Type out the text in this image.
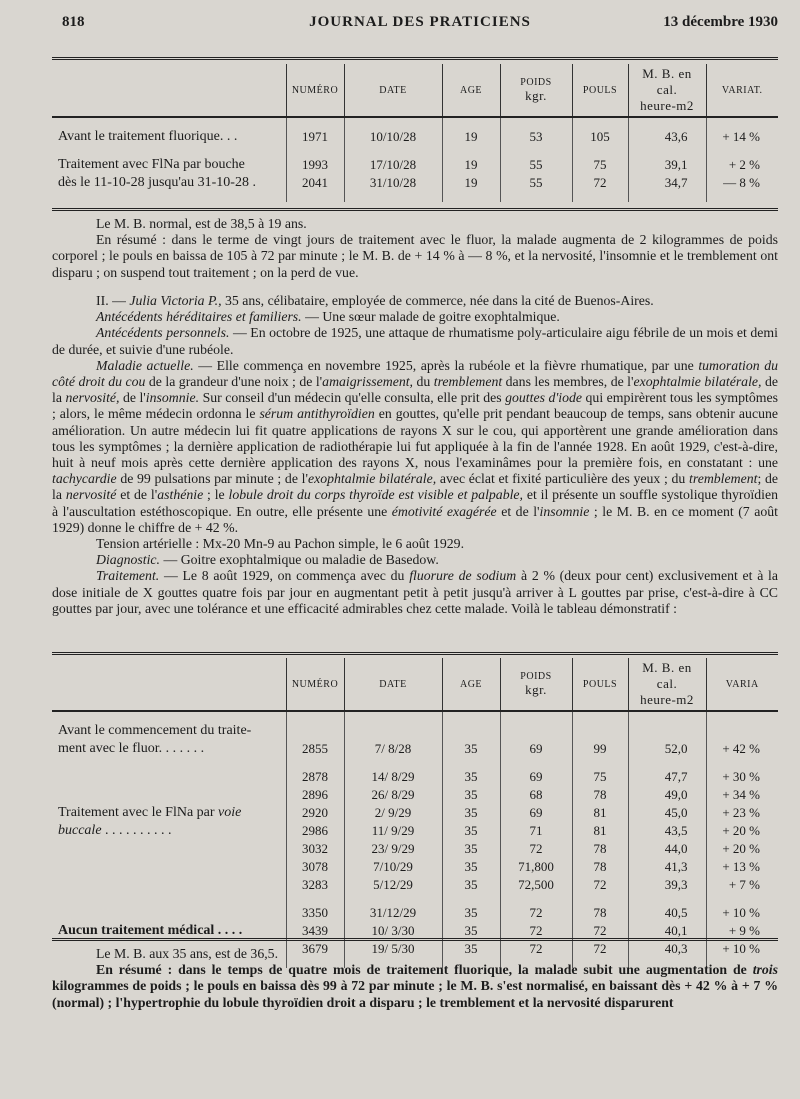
818	JOURNAL DES PRATICIENS	13 décembre 1930
	NUMÉRO	DATE	AGE	POIDS
kgr.	POULS	M. B. en cal.
heure-m2	VARIAT.

Avant le traitement fluorique. . .	1971	10/10/28	19	53	105	43,6	+ 14 %

Traitement avec FlNa par bouche	1993	17/10/28	19	55	75	39,1	+ 2 %
dès le 11-10-28 jusqu'au 31-10-28 .	2041	31/10/28	19	55	72	34,7	— 8 %

Le M. B. normal, est de 38,5 à 19 ans.

En résumé : dans le terme de vingt jours de traitement avec le fluor, la malade augmenta de 2 kilogrammes de poids corporel ; le pouls en baissa de 105 à 72 par minute ; le M. B. de + 14 % à — 8 %, et la nervosité, l'insomnie et le tremblement ont disparu ; on suspend tout traitement ; on la perd de vue.

II. — Julia Victoria P., 35 ans, célibataire, employée de commerce, née dans la cité de Buenos-Aires.

Antécédents héréditaires et familiers. — Une sœur malade de goitre exophtalmique.

Antécédents personnels. — En octobre de 1925, une attaque de rhumatisme poly-articulaire aigu fébrile de un mois et demi de durée, et suivie d'une rubéole.

Maladie actuelle. — Elle commença en novembre 1925, après la rubéole et la fièvre rhumatique, par une tumoration du côté droit du cou de la grandeur d'une noix ; de l'amaigrissement, du tremblement dans les membres, de l'exophtalmie bilatérale, de la nervosité, de l'insomnie. Sur conseil d'un médecin qu'elle consulta, elle prit des gouttes d'iode qui empirèrent tous les symptômes ; alors, le même médecin ordonna le sérum antithyroïdien en gouttes, qu'elle prit pendant beaucoup de temps, sans obtenir aucune amélioration. Un autre médecin lui fit quatre applications de rayons X sur le cou, qui apportèrent une grande amélioration dans tous les symptômes ; la dernière application de radiothérapie lui fut appliquée à la fin de l'année 1928. En août 1929, c'est-à-dire, huit à neuf mois après cette dernière application des rayons X, nous l'examinâmes pour la première fois, en constatant : une tachycardie de 99 pulsations par minute ; de l'exophtalmie bilatérale, avec éclat et fixité particulière des yeux ; du tremblement; de la nervosité et de l'asthénie ; le lobule droit du corps thyroïde est visible et palpable, et il présente un souffle systolique thyroïdien à l'auscultation estéthoscopique. En outre, elle présente une émotivité exagérée et de l'insomnie ; le M. B. en ce moment (7 août 1929) donne le chiffre de + 42 %.

Tension artérielle : Mx-20 Mn-9 au Pachon simple, le 6 août 1929.

Diagnostic. — Goitre exophtalmique ou maladie de Basedow.

Traitement. — Le 8 août 1929, on commença avec du fluorure de sodium à 2 % (deux pour cent) exclusivement et à la dose initiale de X gouttes quatre fois par jour en augmentant petit à petit jusqu'à arriver à L gouttes par prise, c'est-à-dire à CC gouttes par jour, avec une tolérance et une efficacité admirables chez cette malade. Voilà le tableau démonstratif :

	NUMÉRO	DATE	AGE	POIDS
kgr.	POULS	M. B. en cal.
heure-m2	VARIA

Avant le commencement du traite-							
ment avec le fluor. . . . . . .	2855	7/ 8/28	35	69	99	52,0	+ 42 %

	2878	14/ 8/29	35	69	75	47,7	+ 30 %
	2896	26/ 8/29	35	68	78	49,0	+ 34 %
Traitement avec le FlNa par voie	2920	2/ 9/29	35	69	81	45,0	+ 23 %
buccale . . . . . . . . . .	2986	11/ 9/29	35	71	81	43,5	+ 20 %
	3032	23/ 9/29	35	72	78	44,0	+ 20 %
	3078	7/10/29	35	71,800	78	41,3	+ 13 %
	3283	5/12/29	35	72,500	72	39,3	+ 7 %

	3350	31/12/29	35	72	78	40,5	+ 10 %
Aucun traitement médical . . . .	3439	10/ 3/30	35	72	72	40,1	+ 9 %
	3679	19/ 5/30	35	72	72	40,3	+ 10 %

Le M. B. aux 35 ans, est de 36,5.

En résumé : dans le temps de quatre mois de traitement fluorique, la malade subit une augmentation de trois kilogrammes de poids ; le pouls en baissa dès 99 à 72 par minute ; le M. B. s'est normalisé, en baissant dès + 42 % à + 7 % (normal) ; l'hypertrophie du lobule thyroïdien droit a disparu ; le tremblement et la nervosité disparurent
